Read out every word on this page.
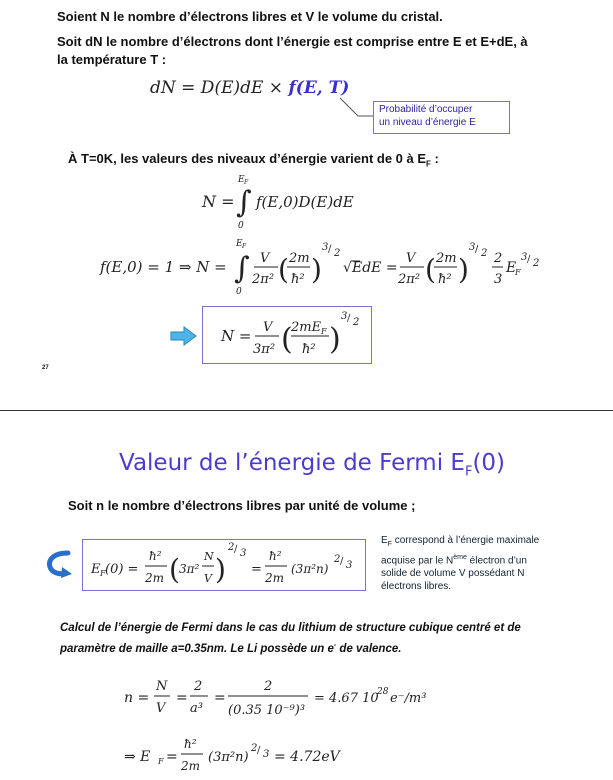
Soient N le nombre d’électrons libres et V le volume du cristal.
Soit dN le nombre d’électrons dont l’énergie est comprise entre E et E+dE, à
la température T :
dN = D(E)dE × f(E, T)
Probabilité d’occuper
un niveau d’énergie E
À T=0K, les valeurs des niveaux d’énergie varient de 0 à $E_F$ :
N = ∫
E F
0
f(E,0)D(E)dE
f(E,0) = 1 ⇒ N = ∫
E F
0
V
2π² ( 2m
ħ² )
3 ∕ 2
√ EdE =
V
2π² ( 2m
ħ² )
3 ∕ 2 2
3
E
F
3 ∕ 2
N = V
3π² (
2mE F
ħ² )
3 ∕ 2
27
Valeur de l’énergie de Fermi $E_F(0)$
Soit n le nombre d’électrons libres par unité de volume ;
E F (0) =
ħ²
2m ( 3π²
N
V )
2 ∕ 3
=
ħ²
2m
(3π²n)
2 ∕ 3
$E_F$ correspond à l’énergie maximale
acquise par le $N^{ème}$ électron d’un
solide de volume V possédant N
électrons libres.
Calcul de l’énergie de Fermi dans le cas du lithium de structure cubique centré et de
paramètre de maille a=0.35nm. Le Li possède un e- de valence.
n =
N
V
=
2
a³
=
2
(0.35 10⁻⁹)³
= 4.67 10
28 e⁻/m³
⇒ E F =
ħ²
2m
(3π²n)
2 ∕ 3 = 4.72eV
